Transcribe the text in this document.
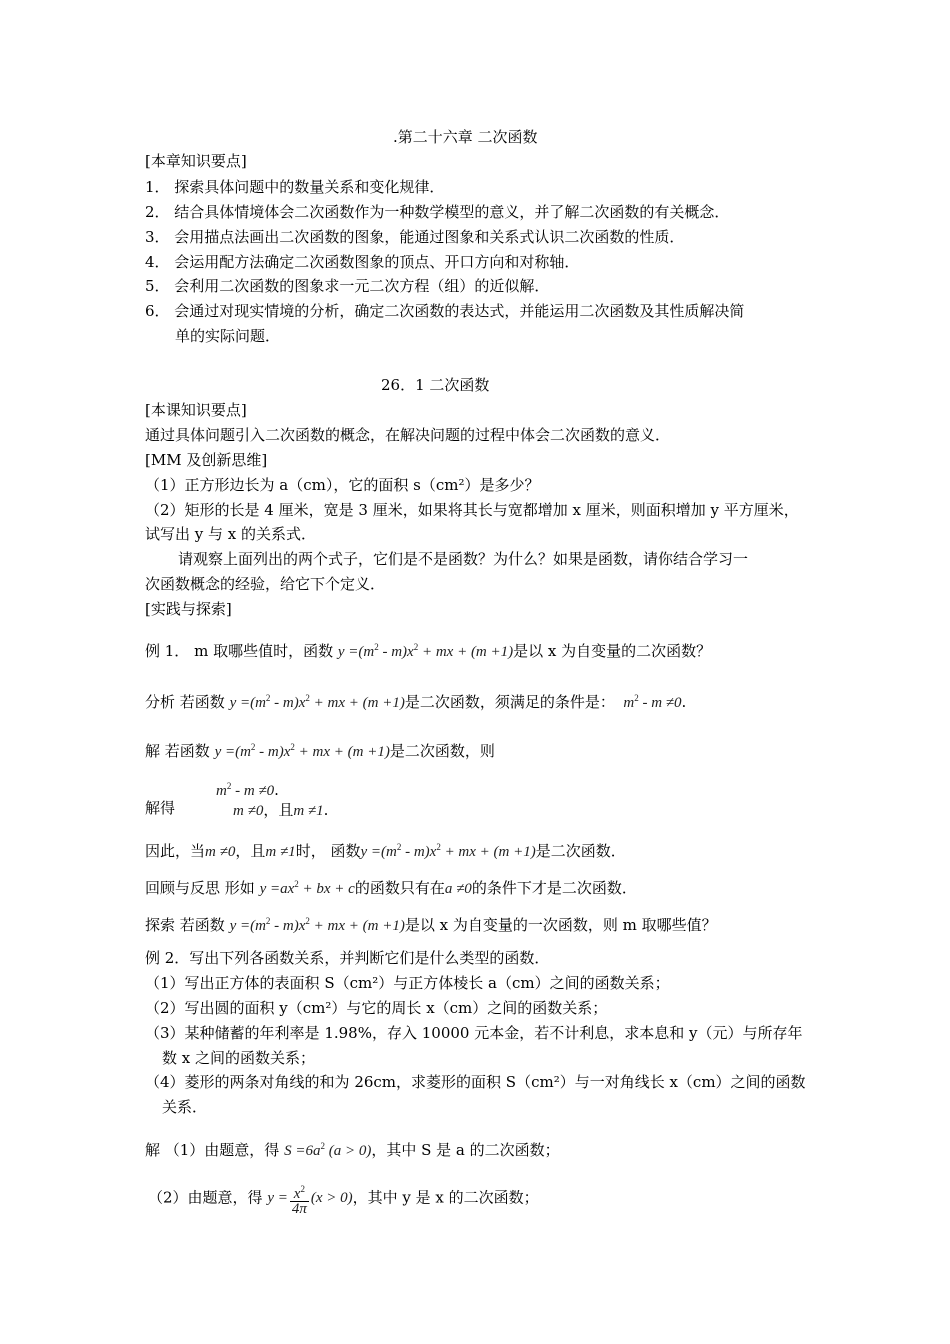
.第二十六章 二次函数
[本章知识要点]
1． 探索具体问题中的数量关系和变化规律．
2． 结合具体情境体会二次函数作为一种数学模型的意义，并了解二次函数的有关概念．
3． 会用描点法画出二次函数的图象，能通过图象和关系式认识二次函数的性质．
4． 会运用配方法确定二次函数图象的顶点、开口方向和对称轴．
5． 会利用二次函数的图象求一元二次方程（组）的近似解．
6． 会通过对现实情境的分析，确定二次函数的表达式，并能运用二次函数及其性质解决简
单的实际问题．
26．1 二次函数
[本课知识要点]
通过具体问题引入二次函数的概念，在解决问题的过程中体会二次函数的意义．
[MM 及创新思维]
（1）正方形边长为 a（cm），它的面积 s（cm²）是多少？
（2）矩形的长是 4 厘米，宽是 3 厘米，如果将其长与宽都增加 x 厘米，则面积增加 y 平方厘米，
试写出 y 与 x 的关系式．
请观察上面列出的两个式子，它们是不是函数？为什么？如果是函数，请你结合学习一
次函数概念的经验，给它下个定义．
[实践与探索]
例 1． m 取哪些值时，函数 $y =(m^2 - m)x^2$ + mx + (m +1)是以 x 为自变量的二次函数？
分析 若函数 $y =(m^2 - m)x^2$ + mx + (m +1)是二次函数，须满足的条件是：  $m^2 - m \ne 0$.
解 若函数 $y =(m^2 - m)x^2$ + mx + (m +1)是二次函数，则
$m^2 - m \ne 0$.
解得	m ≠0，且m ≠1.
因此，当m ≠0，且m ≠1时， 函数$y =(m^2 - m)x^2$ + mx + (m +1)是二次函数．
回顾与反思 形如 $y =ax^2$ + bx + c的函数只有在a ≠0的条件下才是二次函数．
探索 若函数 $y =(m^2 - m)x^2$ + mx + (m +1)是以 x 为自变量的一次函数，则 m 取哪些值？
例 2．写出下列各函数关系，并判断它们是什么类型的函数．
（1）写出正方体的表面积 S（cm²）与正方体棱长 a（cm）之间的函数关系；
（2）写出圆的面积 y（cm²）与它的周长 x（cm）之间的函数关系；
（3）某种储蓄的年利率是 1.98%，存入 10000 元本金，若不计利息，求本息和 y（元）与所存年
数 x 之间的函数关系；
（4）菱形的两条对角线的和为 26cm，求菱形的面积 S（cm²）与一对角线长 x（cm）之间的函数
关系．
解 （1）由题意，得 $S =6a^2$ (a > 0)，其中 S 是 a 的二次函数；
（2）由题意，得 $y = \frac{x^2}{4\pi} (x > 0)$，其中 y 是 x 的二次函数；
